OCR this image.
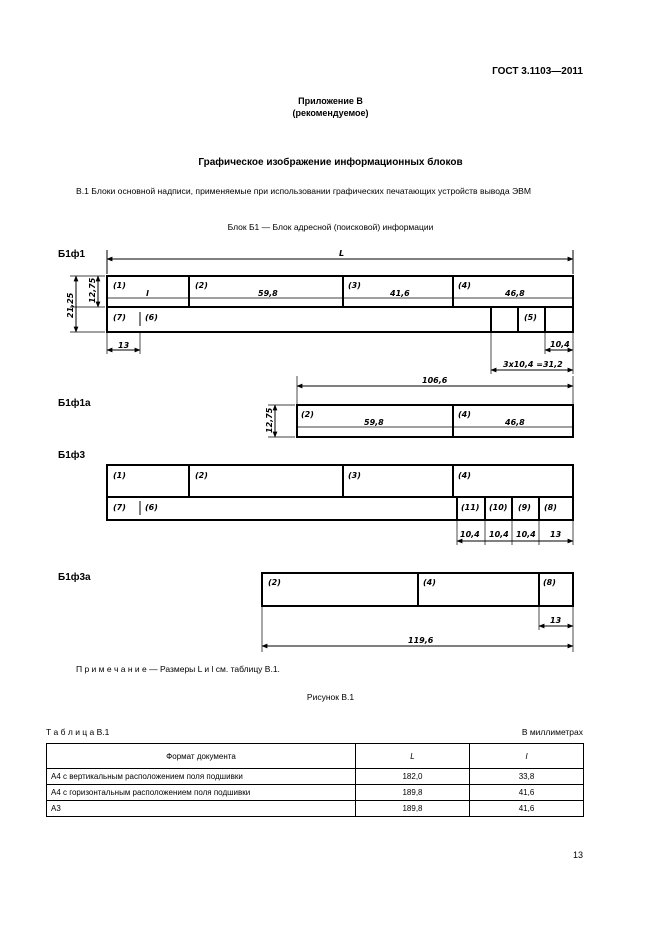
ГОСТ 3.1103—2011
Приложение В
(рекомендуемое)
Графическое изображение информационных блоков
В.1 Блоки основной надписи, применяемые при использовании графических печатающих устройств вывода ЭВМ
Блок Б1 — Блок адресной (поисковой) информации
Б1ф1
Б1ф1а
Б1ф3
Б1ф3а
L
(1)	(2)	(3)	(4)
l	59,8	41,6	46,8
(7) (6)	(5)
21,25
12,75
13	10,4
3х10,4 =31,2
106,6
(2)	(4)
59,8	46,8
12,75
(1)	(2)	(3)	(4)
(7) (6)	(11) (10) (9) (8)
10,4 10,4 10,4 13
(2)	(4)	(8)
13
119,6
П р и м е ч а н и е — Размеры L и l см. таблицу В.1.
Рисунок В.1
Т а б л и ц а В.1	В миллиметрах
Формат документа	L	l
А4 с вертикальным расположением поля подшивки	182,0	33,8
А4 с горизонтальным расположением поля подшивки	189,8	41,6
А3	189,8	41,6
13
